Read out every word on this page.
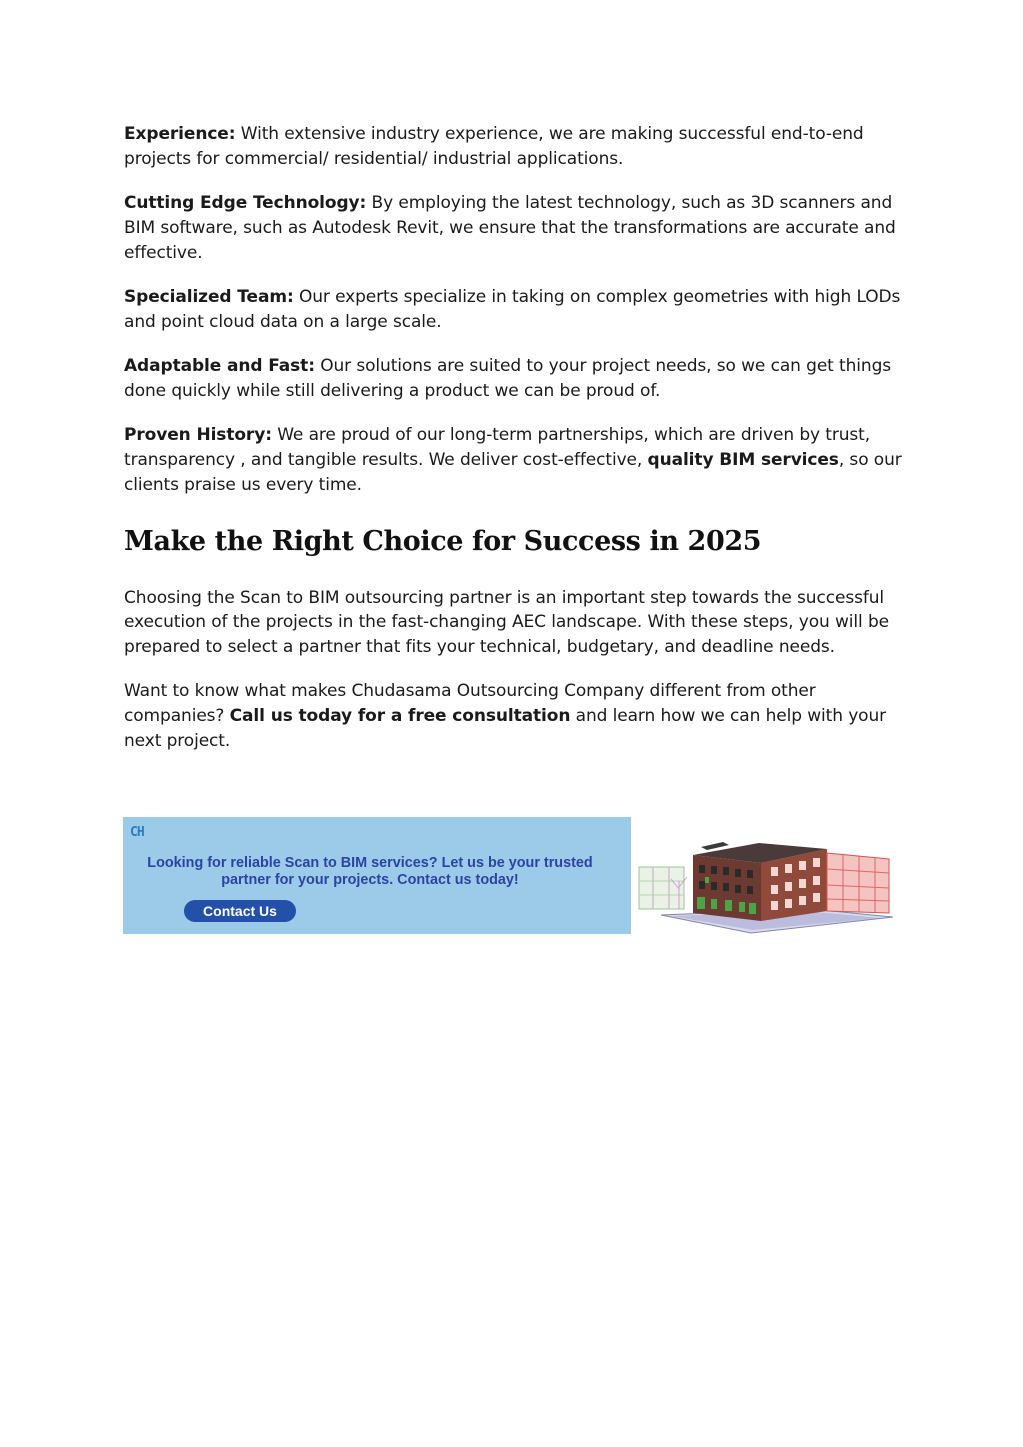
Experience: With extensive industry experience, we are making successful end-to-end projects for commercial/ residential/ industrial applications.

Cutting Edge Technology: By employing the latest technology, such as 3D scanners and BIM software, such as Autodesk Revit, we ensure that the transformations are accurate and effective.

Specialized Team: Our experts specialize in taking on complex geometries with high LODs and point cloud data on a large scale.

Adaptable and Fast: Our solutions are suited to your project needs, so we can get things done quickly while still delivering a product we can be proud of.

Proven History: We are proud of our long-term partnerships, which are driven by trust, transparency , and tangible results. We deliver cost-effective, quality BIM services, so our clients praise us every time.

Make the Right Choice for Success in 2025

Choosing the Scan to BIM outsourcing partner is an important step towards the successful execution of the projects in the fast-changing AEC landscape. With these steps, you will be prepared to select a partner that fits your technical, budgetary, and deadline needs.

Want to know what makes Chudasama Outsourcing Company different from other companies? Call us today for a free consultation and learn how we can help with your next project.

CH
Looking for reliable Scan to BIM services? Let us be your trusted
partner for your projects. Contact us today!
Contact Us
